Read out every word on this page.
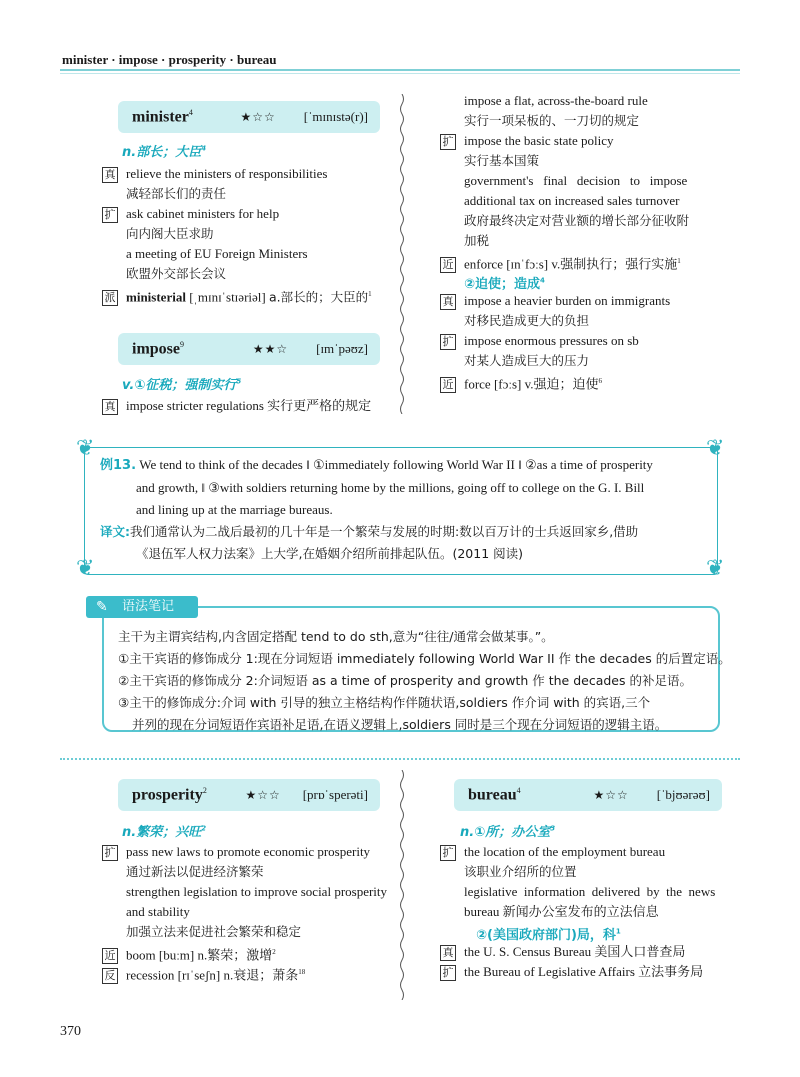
minister · impose · prosperity · bureau
minister$^4$	★☆☆ [ˈmɪnɪstə(r)]
n.部长；大臣$^4$
真 relieve the ministers of responsibilities
减轻部长们的责任
扩 ask cabinet ministers for help
向内阁大臣求助
a meeting of EU Foreign Ministers
欧盟外交部长会议
派 ministerial [ˌmɪnɪˈstɪəriəl] a.部长的；大臣的$^1$
impose$^9$	★★☆ [ɪmˈpəʊz]
v.①征税；强制实行$^5$
真 impose stricter regulations 实行更严格的规定
impose a flat, across-the-board rule
实行一项呆板的、一刀切的规定
扩 impose the basic state policy
实行基本国策
government's   final   decision   to   impose
additional tax on increased sales turnover
政府最终决定对营业额的增长部分征收附
加税
近 enforce [ɪnˈfɔːs] v.强制执行；强行实施$^1$
②迫使；造成$^4$
真 impose a heavier burden on immigrants
对移民造成更大的负担
扩 impose enormous pressures on sb
对某人造成巨大的压力
近 force [fɔːs] v.强迫；迫使$^6$
❦	❦
❦	❦
例13. We tend to think of the decades ‖ ①immediately following World War II ‖ ②as a time of prosperity
and growth, ‖ ③with soldiers returning home by the millions, going off to college on the G. I. Bill
and lining up at the marriage bureaus.
译文:我们通常认为二战后最初的几十年是一个繁荣与发展的时期:数以百万计的士兵返回家乡,借助
《退伍军人权力法案》上大学,在婚姻介绍所前排起队伍。(2011 阅读)
✎ 语法笔记
主干为主谓宾结构,内含固定搭配 tend to do sth,意为“往往/通常会做某事。”。
①主干宾语的修饰成分 1:现在分词短语 immediately following World War II 作 the decades 的后置定语。
②主干宾语的修饰成分 2:介词短语 as a time of prosperity and growth 作 the decades 的补足语。
③主干的修饰成分:介词 with 引导的独立主格结构作伴随状语,soldiers 作介词 with 的宾语,三个
并列的现在分词短语作宾语补足语,在语义逻辑上,soldiers 同时是三个现在分词短语的逻辑主语。
prosperity$^2$	★☆☆ [prɒˈsperəti]
n.繁荣；兴旺$^2$
扩 pass new laws to promote economic prosperity
通过新法以促进经济繁荣
strengthen legislation to improve social prosperity
and stability
加强立法来促进社会繁荣和稳定
近 boom [buːm] n.繁荣；激增$^2$
反 recession [rɪˈseʃn] n.衰退；萧条$^{18}$
bureau$^4$	★☆☆ [ˈbjʊərəʊ]
n.①所；办公室$^3$
扩 the location of the employment bureau
该职业介绍所的位置
legislative  information  delivered  by  the  news
bureau 新闻办公室发布的立法信息
②(美国政府部门)局，科$^1$
真 the U. S. Census Bureau 美国人口普查局
扩 the Bureau of Legislative Affairs 立法事务局
370
